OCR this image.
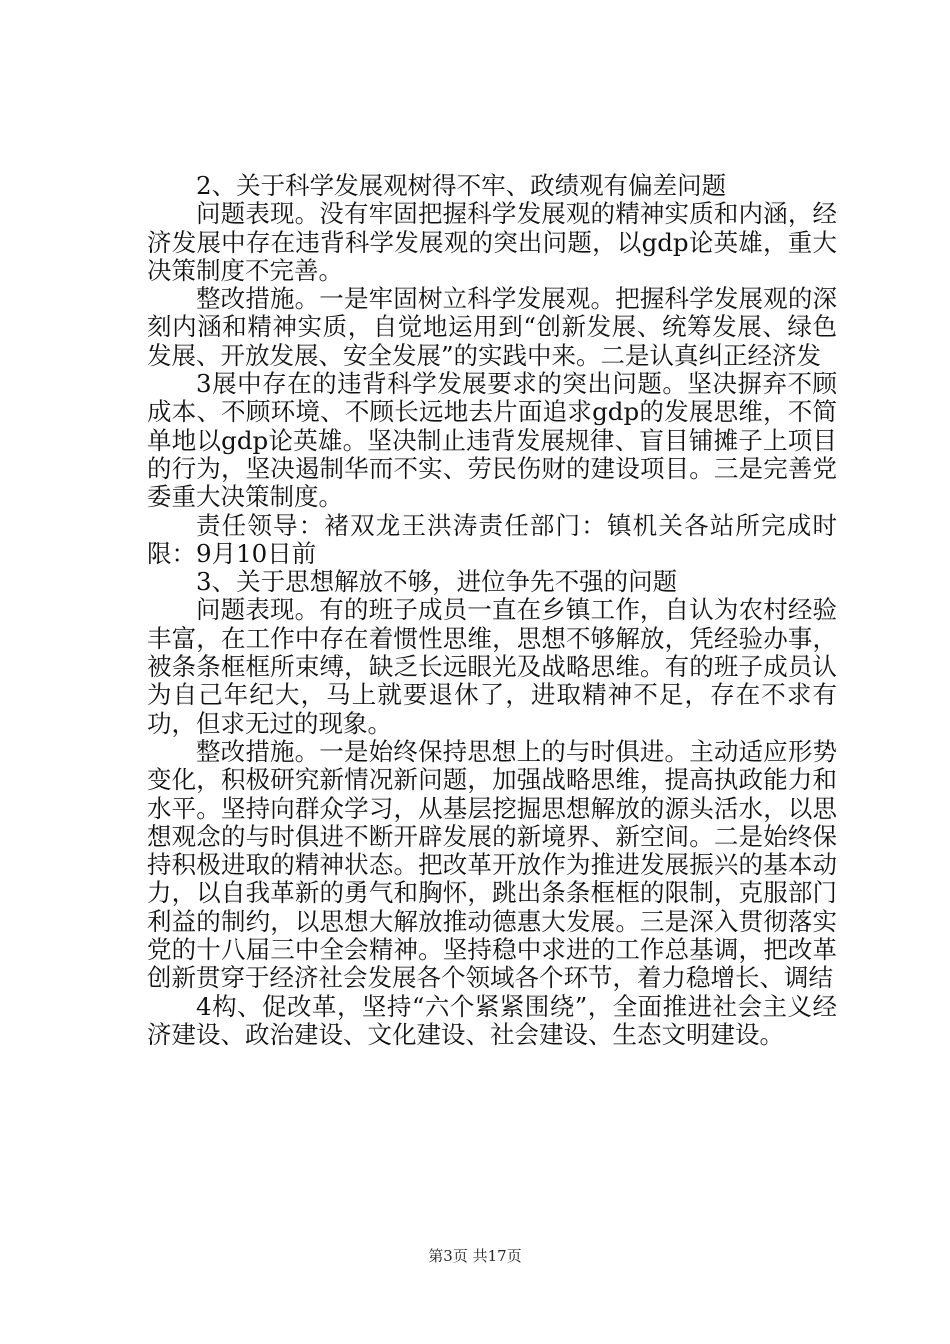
2、关于科学发展观树得不牢、政绩观有偏差问题

问题表现。没有牢固把握科学发展观的精神实质和内涵，经济发展中存在违背科学发展观的突出问题，以gdp论英雄，重大决策制度不完善。

整改措施。一是牢固树立科学发展观。把握科学发展观的深刻内涵和精神实质，自觉地运用到“创新发展、统筹发展、绿色发展、开放发展、安全发展”的实践中来。二是认真纠正经济发

3展中存在的违背科学发展要求的突出问题。坚决摒弃不顾成本、不顾环境、不顾长远地去片面追求gdp的发展思维，不简单地以gdp论英雄。坚决制止违背发展规律、盲目铺摊子上项目的行为，坚决遏制华而不实、劳民伤财的建设项目。三是完善党委重大决策制度。

责任领导：褚双龙王洪涛责任部门：镇机关各站所完成时限：9月10日前

3、关于思想解放不够，进位争先不强的问题

问题表现。有的班子成员一直在乡镇工作，自认为农村经验丰富，在工作中存在着惯性思维，思想不够解放，凭经验办事，被条条框框所束缚，缺乏长远眼光及战略思维。有的班子成员认为自己年纪大，马上就要退休了，进取精神不足，存在不求有功，但求无过的现象。

整改措施。一是始终保持思想上的与时俱进。主动适应形势变化，积极研究新情况新问题，加强战略思维，提高执政能力和水平。坚持向群众学习，从基层挖掘思想解放的源头活水，以思想观念的与时俱进不断开辟发展的新境界、新空间。二是始终保持积极进取的精神状态。把改革开放作为推进发展振兴的基本动力，以自我革新的勇气和胸怀，跳出条条框框的限制，克服部门利益的制约，以思想大解放推动德惠大发展。三是深入贯彻落实党的十八届三中全会精神。坚持稳中求进的工作总基调，把改革创新贯穿于经济社会发展各个领域各个环节，着力稳增长、调结

4构、促改革，坚持“六个紧紧围绕”，全面推进社会主义经济建设、政治建设、文化建设、社会建设、生态文明建设。

第3页 共17页
